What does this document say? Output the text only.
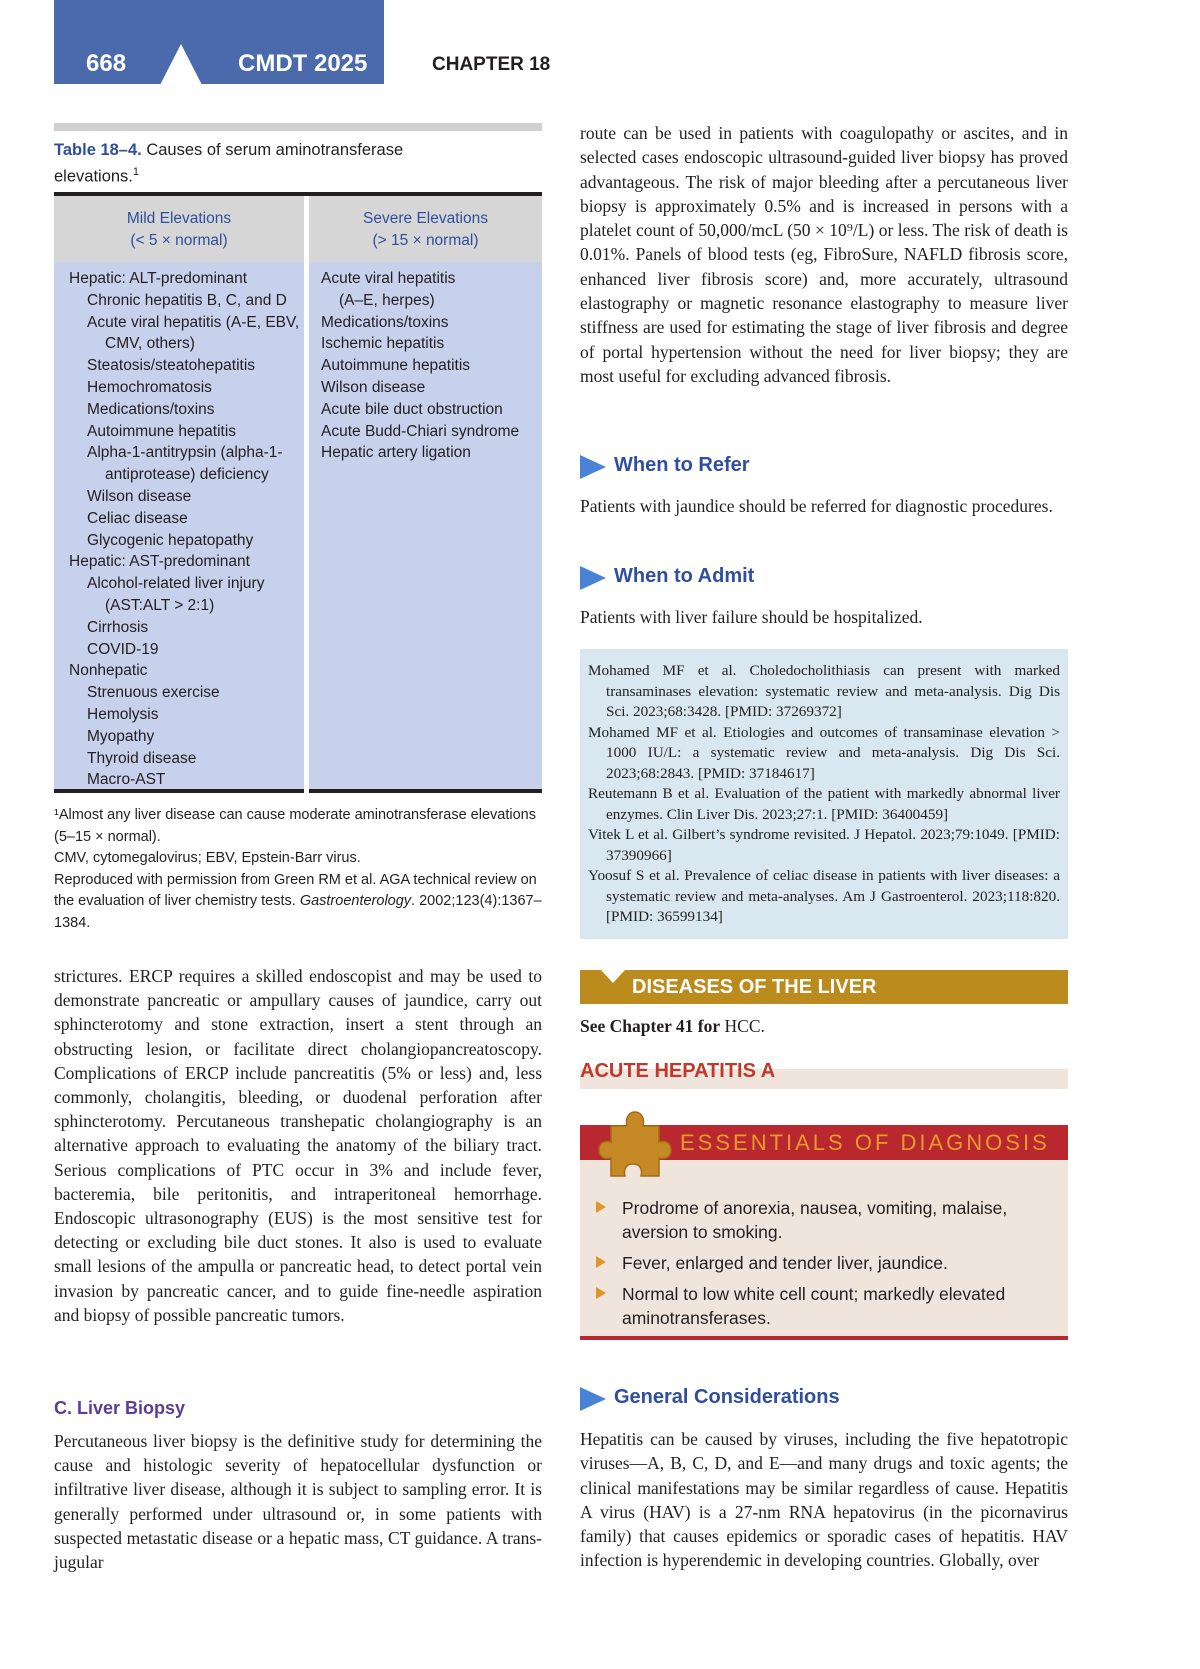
668	CMDT 2025	CHAPTER 18
Table 18–4. Causes of serum aminotransferase
elevations.$^1$
Mild Elevations
(< 5 × normal)
Severe Elevations
(> 15 × normal)
Hepatic: ALT-predominant
Chronic hepatitis B, C, and D
Acute viral hepatitis (A-E, EBV,
CMV, others)
Steatosis/steatohepatitis
Hemochromatosis
Medications/toxins
Autoimmune hepatitis
Alpha-1-antitrypsin (alpha-1-
antiprotease) deficiency
Wilson disease
Celiac disease
Glycogenic hepatopathy
Hepatic: AST-predominant
Alcohol-related liver injury
(AST:ALT > 2:1)
Cirrhosis
COVID-19
Nonhepatic
Strenuous exercise
Hemolysis
Myopathy
Thyroid disease
Macro-AST
Acute viral hepatitis
(A–E, herpes)
Medications/toxins
Ischemic hepatitis
Autoimmune hepatitis
Wilson disease
Acute bile duct obstruction
Acute Budd-Chiari syndrome
Hepatic artery ligation

¹Almost any liver disease can cause moderate aminotransferase elevations (5–15 × normal).

CMV, cytomegalovirus; EBV, Epstein-Barr virus.

Reproduced with permission from Green RM et al. AGA technical review on the evaluation of liver chemistry tests. Gastroenterology. 2002;123(4):1367–1384.

strictures. ERCP requires a skilled endoscopist and may be used to demonstrate pancreatic or ampullary causes of jaundice, carry out sphincterotomy and stone extraction, insert a stent through an obstructing lesion, or facilitate direct cholangiopancreatoscopy. Complications of ERCP include pancreatitis (5% or less) and, less commonly, cholangitis, bleeding, or duodenal perforation after sphincterotomy. Percutaneous transhepatic cholangiography is an alternative approach to evaluating the anatomy of the biliary tract. Serious complications of PTC occur in 3% and include fever, bacteremia, bile peritonitis, and intraperitoneal hemorrhage. Endoscopic ultrasonography (EUS) is the most sensitive test for detecting or excluding bile duct stones. It also is used to evaluate small lesions of the ampulla or pancreatic head, to detect portal vein invasion by pancreatic cancer, and to guide fine-needle aspiration and biopsy of possible pancreatic tumors.
C. Liver Biopsy
Percutaneous liver biopsy is the definitive study for determining the cause and histologic severity of hepatocellular dysfunction or infiltrative liver disease, although it is subject to sampling error. It is generally performed under ultrasound or, in some patients with suspected metastatic disease or a hepatic mass, CT guidance. A trans-jugular
route can be used in patients with coagulopathy or ascites, and in selected cases endoscopic ultrasound-guided liver biopsy has proved advantageous. The risk of major bleeding after a percutaneous liver biopsy is approximately 0.5% and is increased in persons with a platelet count of 50,000/mcL (50 × 10⁹/L) or less. The risk of death is 0.01%. Panels of blood tests (eg, FibroSure, NAFLD fibrosis score, enhanced liver fibrosis score) and, more accurately, ultrasound elastography or magnetic resonance elastography to measure liver stiffness are used for estimating the stage of liver fibrosis and degree of portal hypertension without the need for liver biopsy; they are most useful for excluding advanced fibrosis.
When to Refer
Patients with jaundice should be referred for diagnostic procedures.
When to Admit
Patients with liver failure should be hospitalized.

Mohamed MF et al. Choledocholithiasis can present with marked transaminases elevation: systematic review and meta-analysis. Dig Dis Sci. 2023;68:3428. [PMID: 37269372]

Mohamed MF et al. Etiologies and outcomes of transaminase elevation > 1000 IU/L: a systematic review and meta-analysis. Dig Dis Sci. 2023;68:2843. [PMID: 37184617]

Reutemann B et al. Evaluation of the patient with markedly abnormal liver enzymes. Clin Liver Dis. 2023;27:1. [PMID: 36400459]

Vitek L et al. Gilbert’s syndrome revisited. J Hepatol. 2023;79:1049. [PMID: 37390966]

Yoosuf S et al. Prevalence of celiac disease in patients with liver diseases: a systematic review and meta-analyses. Am J Gastroenterol. 2023;118:820. [PMID: 36599134]

DISEASES OF THE LIVER
See Chapter 41 for HCC.
ACUTE HEPATITIS A
ESSENTIALS OF DIAGNOSIS
Prodrome of anorexia, nausea, vomiting, malaise, aversion to smoking.
Fever, enlarged and tender liver, jaundice.
Normal to low white cell count; markedly elevated aminotransferases.
General Considerations
Hepatitis can be caused by viruses, including the five hepatotropic viruses—A, B, C, D, and E—and many drugs and toxic agents; the clinical manifestations may be similar regardless of cause. Hepatitis A virus (HAV) is a 27-nm RNA hepatovirus (in the picornavirus family) that causes epidemics or sporadic cases of hepatitis. HAV infection is hyperendemic in developing countries. Globally, over
